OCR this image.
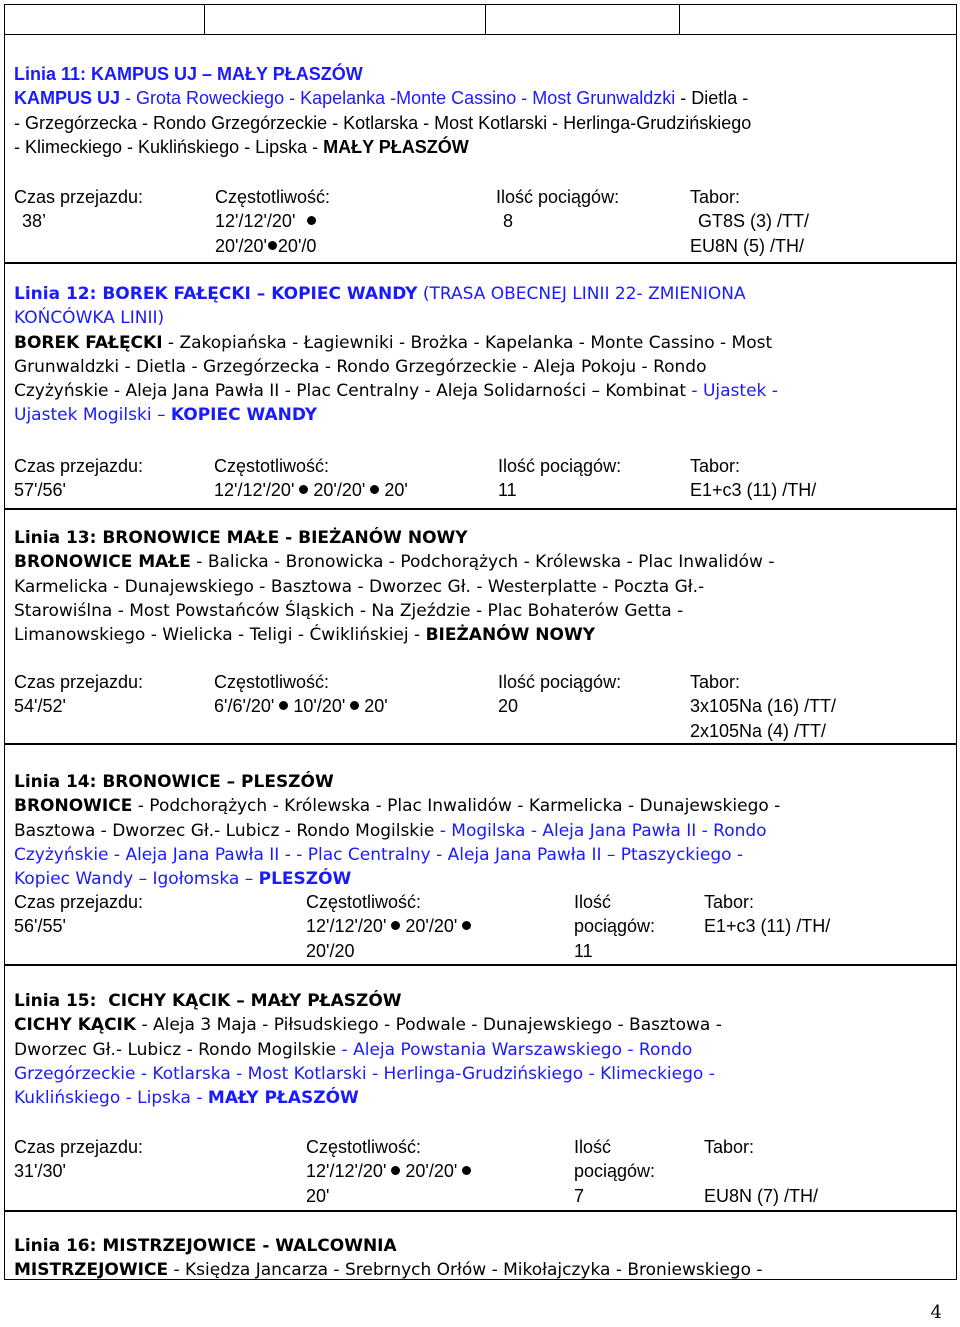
Linia 11: KAMPUS UJ – MAŁY PŁASZÓW

KAMPUS UJ - Grota Roweckiego - Kapelanka -Monte Cassino - Most Grunwaldzki - Dietla -

- Grzegórzecka - Rondo Grzegórzeckie - Kotlarska - Most Kotlarski - Herlinga-Grudzińskiego

- Klimeckiego - Kuklińskiego - Lipska - MAŁY PŁASZÓW

Czas przejazdu:
38’
Częstotliwość:
12'/12'/20'
20'/20' 20'/0
Ilość pociągów:
8
Tabor:
GT8S (3) /TT/
EU8N (5) /TH/

Linia 12: BOREK FAŁĘCKI – KOPIEC WANDY (TRASA OBECNEJ LINII 22- ZMIENIONA

KOŃCÓWKA LINII)

BOREK FAŁĘCKI - Zakopiańska - Łagiewniki - Brożka - Kapelanka - Monte Cassino - Most

Grunwaldzki - Dietla - Grzegórzecka - Rondo Grzegórzeckie - Aleja Pokoju - Rondo

Czyżyńskie - Aleja Jana Pawła II - Plac Centralny - Aleja Solidarności – Kombinat - Ujastek -

Ujastek Mogilski – KOPIEC WANDY

Czas przejazdu:
57'/56'
Częstotliwość:
12'/12'/20' 20'/20' 20'
Ilość pociągów:
11
Tabor:
E1+c3 (11) /TH/

Linia 13: BRONOWICE MAŁE - BIEŻANÓW NOWY

BRONOWICE MAŁE - Balicka - Bronowicka - Podchorążych - Królewska - Plac Inwalidów -

Karmelicka - Dunajewskiego - Basztowa - Dworzec Gł. - Westerplatte - Poczta Gł.-

Starowiślna - Most Powstańców Śląskich - Na Zjeździe - Plac Bohaterów Getta -

Limanowskiego - Wielicka - Teligi - Ćwiklińskiej - BIEŻANÓW NOWY

Czas przejazdu:
54'/52'
Częstotliwość:
6'/6'/20' 10'/20' 20'
Ilość pociągów:
20
Tabor:
3x105Na (16) /TT/
2x105Na (4) /TT/

Linia 14: BRONOWICE – PLESZÓW

BRONOWICE - Podchorążych - Królewska - Plac Inwalidów - Karmelicka - Dunajewskiego -

Basztowa - Dworzec Gł.- Lubicz - Rondo Mogilskie - Mogilska - Aleja Jana Pawła II - Rondo

Czyżyńskie - Aleja Jana Pawła II - - Plac Centralny - Aleja Jana Pawła II – Ptaszyckiego -

Kopiec Wandy – Igołomska – PLESZÓW

Czas przejazdu:
56'/55'
Częstotliwość:
12'/12'/20' 20'/20'
20'/20
Ilość
pociągów:
11
Tabor:
E1+c3 (11) /TH/

Linia 15:  CICHY KĄCIK – MAŁY PŁASZÓW

CICHY KĄCIK - Aleja 3 Maja - Piłsudskiego - Podwale - Dunajewskiego - Basztowa -

Dworzec Gł.- Lubicz - Rondo Mogilskie - Aleja Powstania Warszawskiego - Rondo

Grzegórzeckie - Kotlarska - Most Kotlarski - Herlinga-Grudzińskiego - Klimeckiego -

Kuklińskiego - Lipska - MAŁY PŁASZÓW

Czas przejazdu:
31'/30'
Częstotliwość:
12'/12'/20' 20'/20'
20'
Ilość
pociągów:
7
Tabor:

EU8N (7) /TH/

Linia 16: MISTRZEJOWICE - WALCOWNIA

MISTRZEJOWICE - Księdza Jancarza - Srebrnych Orłów - Mikołajczyka - Broniewskiego -

4
